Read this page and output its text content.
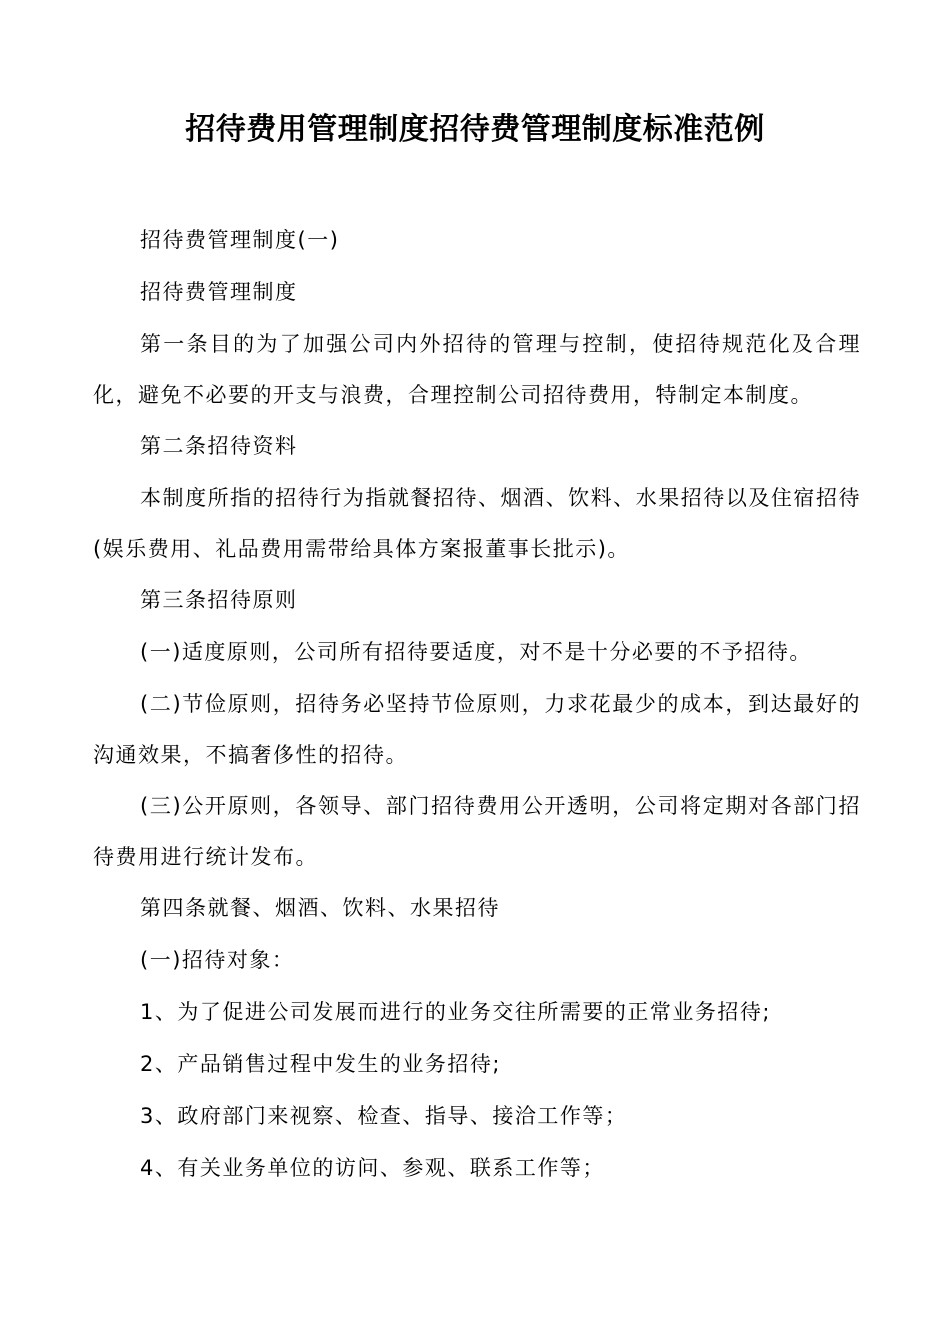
招待费用管理制度招待费管理制度标准范例

招待费管理制度(一)

招待费管理制度

第一条目的为了加强公司内外招待的管理与控制，使招待规范化及合理化，避免不必要的开支与浪费，合理控制公司招待费用，特制定本制度。

第二条招待资料

本制度所指的招待行为指就餐招待、烟酒、饮料、水果招待以及住宿招待(娱乐费用、礼品费用需带给具体方案报董事长批示)。

第三条招待原则

(一)适度原则，公司所有招待要适度，对不是十分必要的不予招待。

(二)节俭原则，招待务必坚持节俭原则，力求花最少的成本，到达最好的沟通效果，不搞奢侈性的招待。

(三)公开原则，各领导、部门招待费用公开透明，公司将定期对各部门招待费用进行统计发布。

第四条就餐、烟酒、饮料、水果招待

(一)招待对象：

1、为了促进公司发展而进行的业务交往所需要的正常业务招待;

2、产品销售过程中发生的业务招待;

3、政府部门来视察、检查、指导、接洽工作等；

4、有关业务单位的访问、参观、联系工作等；
